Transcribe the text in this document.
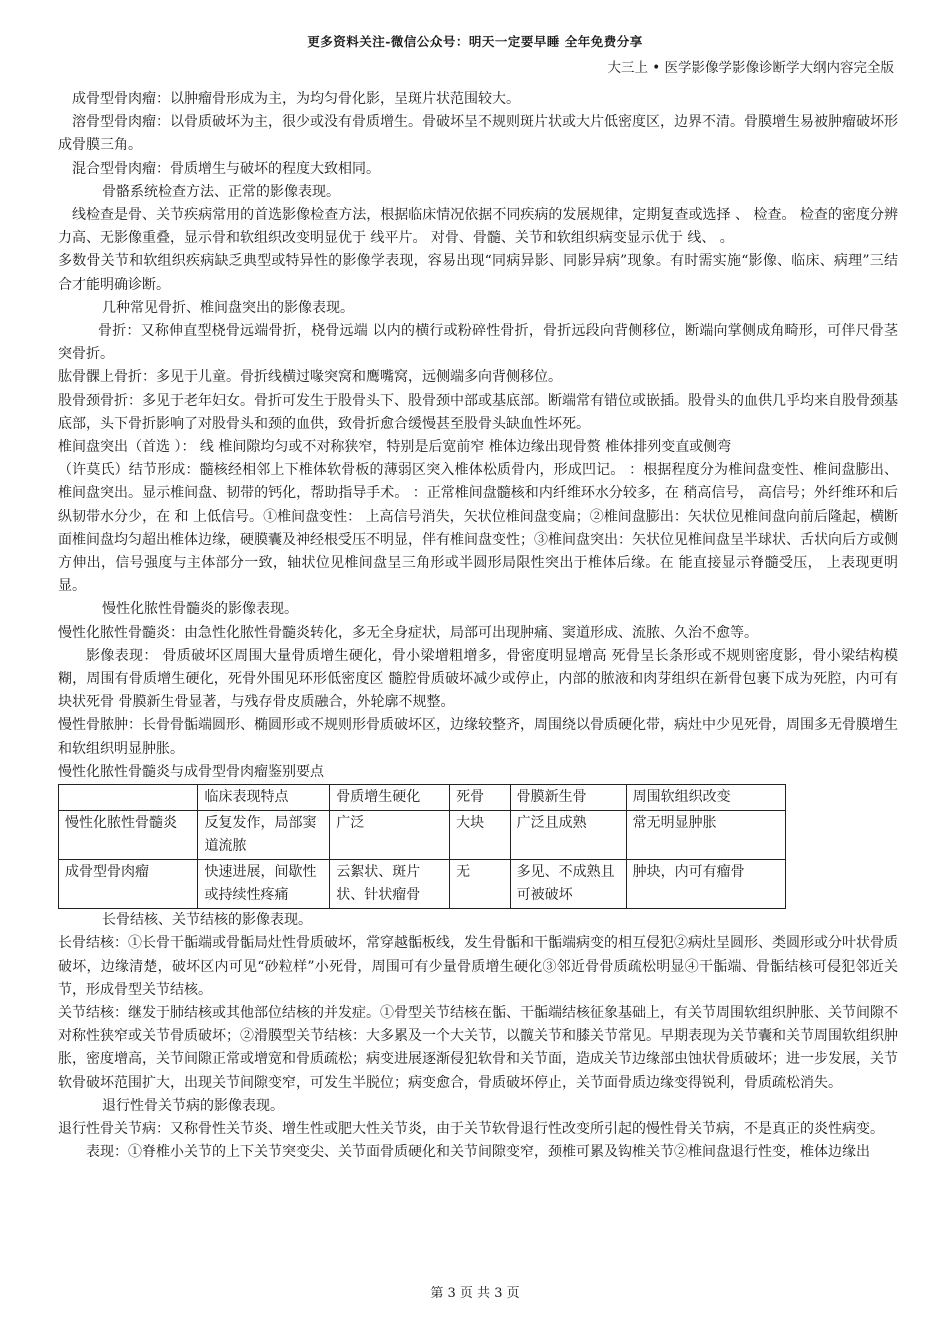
更多资料关注-微信公众号：明天一定要早睡 全年免费分享
大三上 • 医学影像学影像诊断学大纲内容完全版

成骨型骨肉瘤：以肿瘤骨形成为主，为均匀骨化影，呈斑片状范围较大。

溶骨型骨肉瘤：以骨质破坏为主，很少或没有骨质增生。骨破坏呈不规则斑片状或大片低密度区，边界不清。骨膜增生易被肿瘤破坏形成骨膜三角。

混合型骨肉瘤：骨质增生与破坏的程度大致相同。

骨骼系统检查方法、正常的影像表现。

线检查是骨、关节疾病常用的首选影像检查方法，根据临床情况依据不同疾病的发展规律，定期复查或选择 、 检查。 检查的密度分辨力高、无影像重叠，显示骨和软组织改变明显优于 线平片。 对骨、骨髓、关节和软组织病变显示优于 线、 。

多数骨关节和软组织疾病缺乏典型或特异性的影像学表现，容易出现“同病异影、同影异病”现象。有时需实施“影像、临床、病理”三结合才能明确诊断。

几种常见骨折、椎间盘突出的影像表现。

骨折：又称伸直型桡骨远端骨折，桡骨远端 以内的横行或粉碎性骨折，骨折远段向背侧移位，断端向掌侧成角畸形，可伴尺骨茎突骨折。

肱骨髁上骨折：多见于儿童。骨折线横过喙突窝和鹰嘴窝，远侧端多向背侧移位。

股骨颈骨折：多见于老年妇女。骨折可发生于股骨头下、股骨颈中部或基底部。断端常有错位或嵌插。股骨头的血供几乎均来自股骨颈基底部，头下骨折影响了对股骨头和颈的血供，致骨折愈合缓慢甚至股骨头缺血性坏死。

椎间盘突出（首选 ）： 线 椎间隙均匀或不对称狭窄，特别是后宽前窄 椎体边缘出现骨赘 椎体排列变直或侧弯

（许莫氏）结节形成：髓核经相邻上下椎体软骨板的薄弱区突入椎体松质骨内，形成凹记。 ：根据程度分为椎间盘变性、椎间盘膨出、椎间盘突出。显示椎间盘、韧带的钙化，帮助指导手术。 ：正常椎间盘髓核和内纤维环水分较多，在 稍高信号， 高信号；外纤维环和后纵韧带水分少，在 和 上低信号。①椎间盘变性： 上高信号消失，矢状位椎间盘变扁；②椎间盘膨出：矢状位见椎间盘向前后隆起，横断面椎间盘均匀超出椎体边缘，硬膜囊及神经根受压不明显，伴有椎间盘变性；③椎间盘突出：矢状位见椎间盘呈半球状、舌状向后方或侧方伸出，信号强度与主体部分一致，轴状位见椎间盘呈三角形或半圆形局限性突出于椎体后缘。在 能直接显示脊髓受压， 上表现更明显。

慢性化脓性骨髓炎的影像表现。

慢性化脓性骨髓炎：由急性化脓性骨髓炎转化，多无全身症状，局部可出现肿痛、窦道形成、流脓、久治不愈等。

影像表现： 骨质破坏区周围大量骨质增生硬化，骨小梁增粗增多，骨密度明显增高 死骨呈长条形或不规则密度影，骨小梁结构模糊，周围有骨质增生硬化，死骨外围见环形低密度区 髓腔骨质破坏减少或停止，内部的脓液和肉芽组织在新骨包裹下成为死腔，内可有块状死骨 骨膜新生骨显著，与残存骨皮质融合，外轮廓不规整。

慢性骨脓肿：长骨骨骺端圆形、椭圆形或不规则形骨质破坏区，边缘较整齐，周围绕以骨质硬化带，病灶中少见死骨，周围多无骨膜增生和软组织明显肿胀。

慢性化脓性骨髓炎与成骨型骨肉瘤鉴别要点

	临床表现特点	骨质增生硬化	死骨	骨膜新生骨	周围软组织改变
慢性化脓性骨髓炎	反复发作，局部窦道流脓	广泛	大块	广泛且成熟	常无明显肿胀
成骨型骨肉瘤	快速进展，间歇性或持续性疼痛	云絮状、斑片状、针状瘤骨	无	多见、不成熟且可被破坏	肿块，内可有瘤骨

长骨结核、关节结核的影像表现。

长骨结核：①长骨干骺端或骨骺局灶性骨质破坏，常穿越骺板线，发生骨骺和干骺端病变的相互侵犯②病灶呈圆形、类圆形或分叶状骨质破坏，边缘清楚，破坏区内可见“砂粒样”小死骨，周围可有少量骨质增生硬化③邻近骨骨质疏松明显④干骺端、骨骺结核可侵犯邻近关节，形成骨型关节结核。

关节结核：继发于肺结核或其他部位结核的并发症。①骨型关节结核在骺、干骺端结核征象基础上，有关节周围软组织肿胀、关节间隙不对称性狭窄或关节骨质破坏；②滑膜型关节结核：大多累及一个大关节，以髋关节和膝关节常见。早期表现为关节囊和关节周围软组织肿胀，密度增高，关节间隙正常或增宽和骨质疏松；病变进展逐渐侵犯软骨和关节面，造成关节边缘部虫蚀状骨质破坏；进一步发展，关节软骨破坏范围扩大，出现关节间隙变窄，可发生半脱位；病变愈合，骨质破坏停止，关节面骨质边缘变得锐利，骨质疏松消失。

退行性骨关节病的影像表现。

退行性骨关节病：又称骨性关节炎、增生性或肥大性关节炎，由于关节软骨退行性改变所引起的慢性骨关节病，不是真正的炎性病变。

表现：①脊椎小关节的上下关节突变尖、关节面骨质硬化和关节间隙变窄，颈椎可累及钩椎关节②椎间盘退行性变，椎体边缘出

第 3 页 共 3 页
